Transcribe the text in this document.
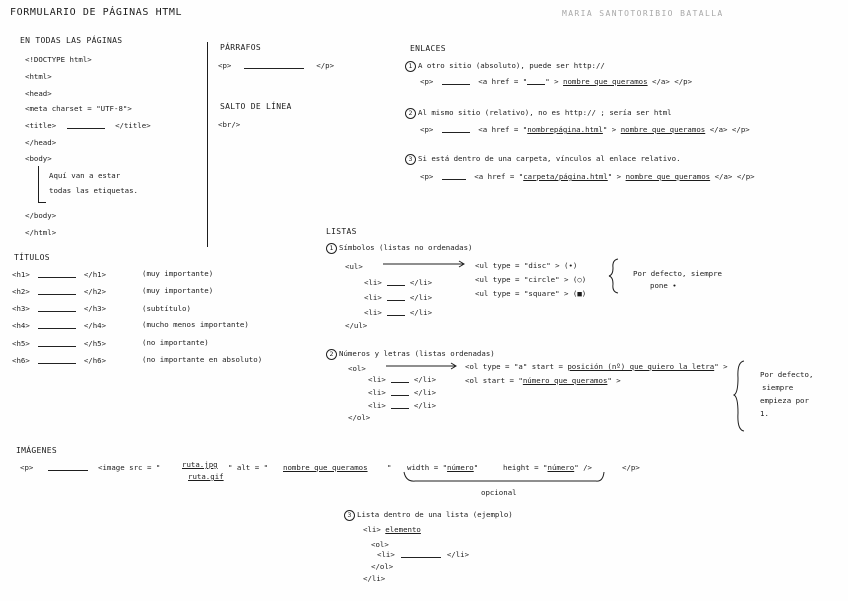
FORMULARIO DE PÁGINAS HTML	MARIA SANTOTORIBIO BATALLA
EN TODAS LAS PÁGINAS
<!DOCTYPE html>
<html>
<head>
<meta charset = "UTF-8">
<title>	</title>
</head>
<body>
Aquí van a estar
todas las etiquetas.
</body>
</html>
PÁRRAFOS
<p>	</p>
SALTO DE LÍNEA
<br/>
TÍTULOS
<h1>	</h1>	(muy importante)
<h2>	</h2>	(muy importante)
<h3>	</h3>	(subtítulo)
<h4>	</h4>	(mucho menos importante)
<h5>	</h5>	(no importante)
<h6>	</h6>	(no importante en absoluto)
ENLACES
1 A otro sitio (absoluto), puede ser http://
<p>	<a href = " " > nombre que queramos </a> </p>
2 Al mismo sitio (relativo), no es http:// ; sería ser html
<p>	<a href = "nombrepágina.html" > nombre que queramos </a> </p>
3 Si está dentro de una carpeta, vínculos al enlace relativo.
<p>	<a href = "carpeta/página.html" > nombre que queramos </a> </p>
LISTAS
1 Símbolos (listas no ordenadas)
<ul>
<li>	</li>
<li>	</li>
<li>	</li>
</ul>
<ul type = "disc" > (•)
<ul type = "circle" > (○)
<ul type = "square" > (■)
Por defecto, siempre
pone •
2 Números y letras (listas ordenadas)
<ol>
<li>	</li>
<li>	</li>
<li>	</li>
</ol>
<ol type = "a" start = posición (nº) que quiero la letra" >
<ol start = "número que queramos" >
Por defecto,
siempre
empieza por
1.
IMÁGENES
<p>	<image src = "	ruta.jpg
ruta.gif
" alt = " nombre que queramos	" width = "número"	height = "número" />	</p>
opcional
3 Lista dentro de una lista (ejemplo)
<li> elemento
<ol>
<li>	</li>
</ol>
</li>
